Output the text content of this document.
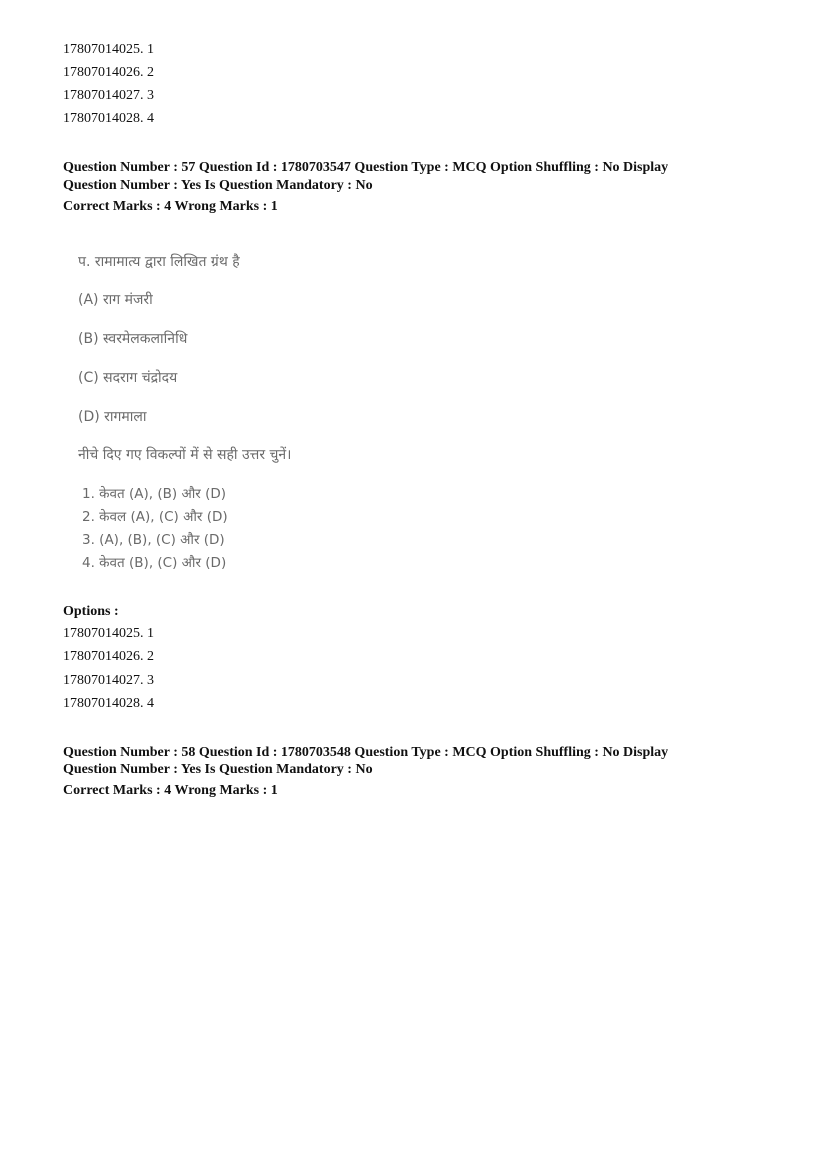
17807014025. 1
17807014026. 2
17807014027. 3
17807014028. 4
Question Number : 57 Question Id : 1780703547 Question Type : MCQ Option Shuffling : No Display
Question Number : Yes Is Question Mandatory : No
Correct Marks : 4 Wrong Marks : 1
प. रामामात्य द्वारा लिखित ग्रंथ है
(A) राग मंजरी
(B) स्वरमेलकलानिधि
(C) सदराग चंद्रोदय
(D) रागमाला
नीचे दिए गए विकल्पों में से सही उत्तर चुनें।
1. केवत (A), (B) और (D)
2. केवल (A), (C) और (D)
3. (A), (B), (C) और (D)
4. केवत (B), (C) और (D)
Options :
17807014025. 1
17807014026. 2
17807014027. 3
17807014028. 4
Question Number : 58 Question Id : 1780703548 Question Type : MCQ Option Shuffling : No Display
Question Number : Yes Is Question Mandatory : No
Correct Marks : 4 Wrong Marks : 1
